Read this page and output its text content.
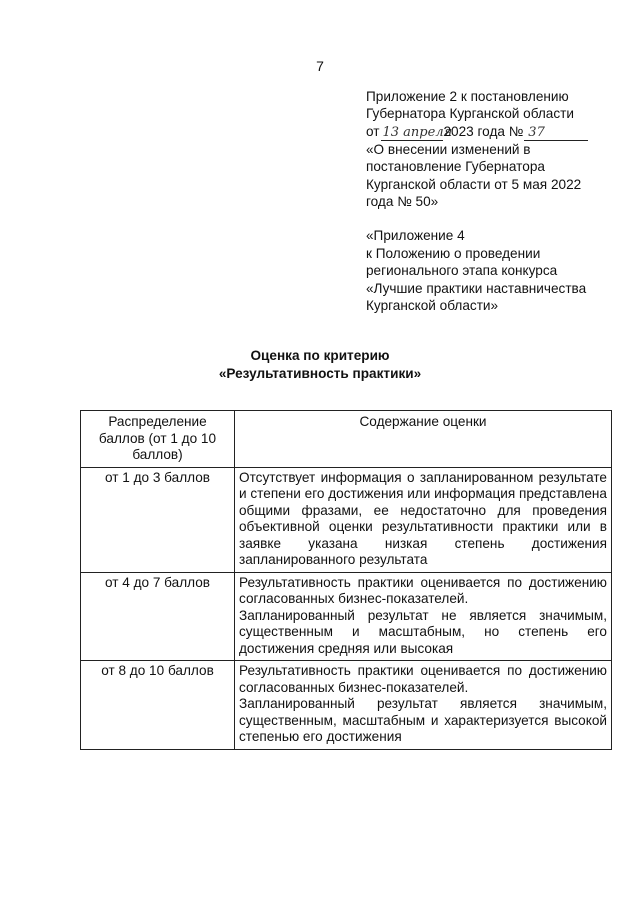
7
Приложение 2 к постановлению
Губернатора Курганской области
от 13 апреля2023 года № 37
«О внесении изменений в
постановление Губернатора
Курганской области от 5 мая 2022
года № 50»
«Приложение 4
к Положению о проведении
регионального этапа конкурса
«Лучшие практики наставничества
Курганской области»
Оценка по критерию
«Результативность практики»
Распределение баллов (от 1 до 10 баллов)	Содержание оценки
от 1 до 3 баллов	Отсутствует информация о запланированном результате и степени его достижения или информация представлена общими фразами, ее недостаточно для проведения объективной оценки результативности практики или в заявке указана низкая степень достижения запланированного результата

от 4 до 7 баллов	Результативность практики оценивается по достижению согласованных бизнес-показателей.

Запланированный результат не является значимым, существенным и масштабным, но степень его достижения средняя или высокая

от 8 до 10 баллов	Результативность практики оценивается по достижению согласованных бизнес-показателей.

Запланированный результат является значимым, существенным, масштабным и характеризуется высокой степенью его достижения
